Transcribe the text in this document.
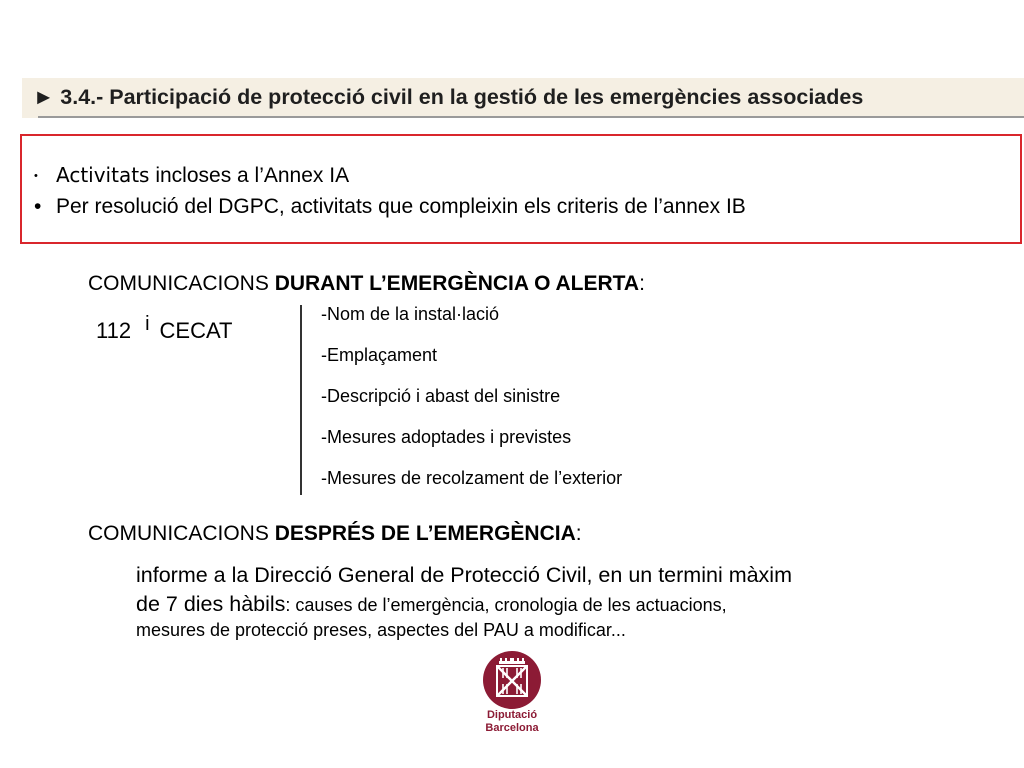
► 3.4.- Participació de protecció civil en la gestió de les emergències associades
• Activitats incloses a l’Annex IA
• Per resolució del DGPC, activitats que compleixin els criteris de l’annex IB
COMUNICACIONS DURANT L’EMERGÈNCIA O ALERTA:
112 i CECAT
-Nom de la instal·lació
-Emplaçament
-Descripció i abast del sinistre
-Mesures adoptades i previstes
-Mesures de recolzament de l’exterior
COMUNICACIONS DESPRÉS DE L’EMERGÈNCIA:
informe a la Direcció General de Protecció Civil, en un termini màxim
de 7 dies hàbils: causes de l’emergència, cronologia de les actuacions,
mesures de protecció preses, aspectes del PAU a modificar...
Diputació
Barcelona
